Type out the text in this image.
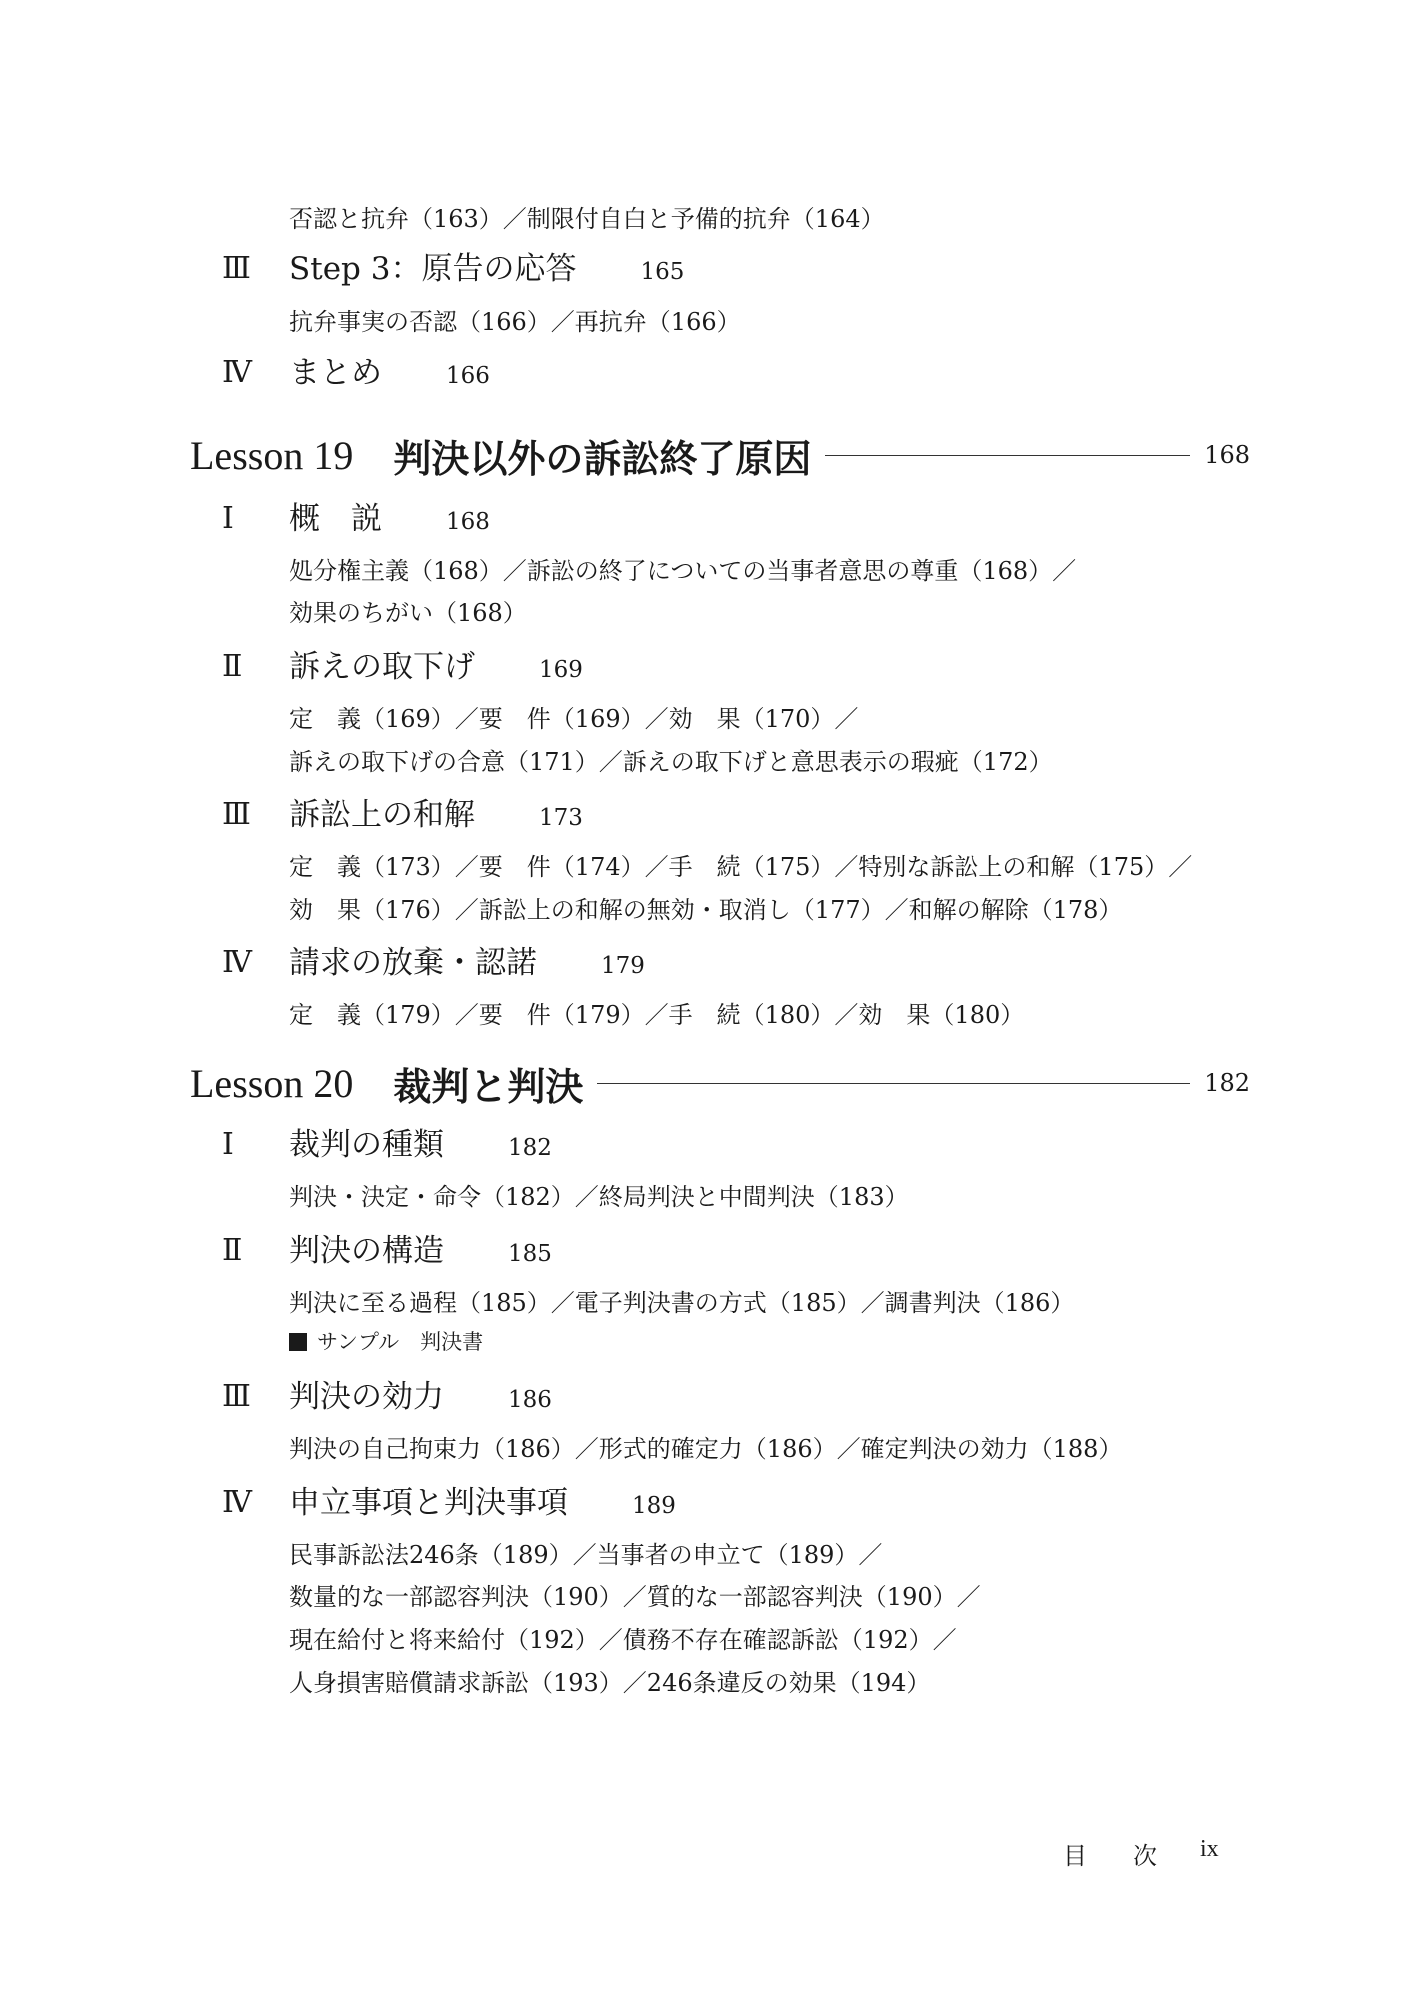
否認と抗弁（163）／制限付自白と予備的抗弁（164）
Ⅲ Step 3：原告の応答	165
抗弁事実の否認（166）／再抗弁（166）
Ⅳ まとめ	166
Lesson 19 判決以外の訴訟終了原因	168
Ⅰ 概　説	168
処分権主義（168）／訴訟の終了についての当事者意思の尊重（168）／
効果のちがい（168）
Ⅱ 訴えの取下げ	169
定　義（169）／要　件（169）／効　果（170）／
訴えの取下げの合意（171）／訴えの取下げと意思表示の瑕疵（172）
Ⅲ 訴訟上の和解	173
定　義（173）／要　件（174）／手　続（175）／特別な訴訟上の和解（175）／
効　果（176）／訴訟上の和解の無効・取消し（177）／和解の解除（178）
Ⅳ 請求の放棄・認諾	179
定　義（179）／要　件（179）／手　続（180）／効　果（180）
Lesson 20 裁判と判決	182
Ⅰ 裁判の種類	182
判決・決定・命令（182）／終局判決と中間判決（183）
Ⅱ 判決の構造	185
判決に至る過程（185）／電子判決書の方式（185）／調書判決（186）
サンプル　判決書
Ⅲ 判決の効力	186
判決の自己拘束力（186）／形式的確定力（186）／確定判決の効力（188）
Ⅳ 申立事項と判決事項	189
民事訴訟法246条（189）／当事者の申立て（189）／
数量的な一部認容判決（190）／質的な一部認容判決（190）／
現在給付と将来給付（192）／債務不存在確認訴訟（192）／
人身損害賠償請求訴訟（193）／246条違反の効果（194）
目 次 ix
